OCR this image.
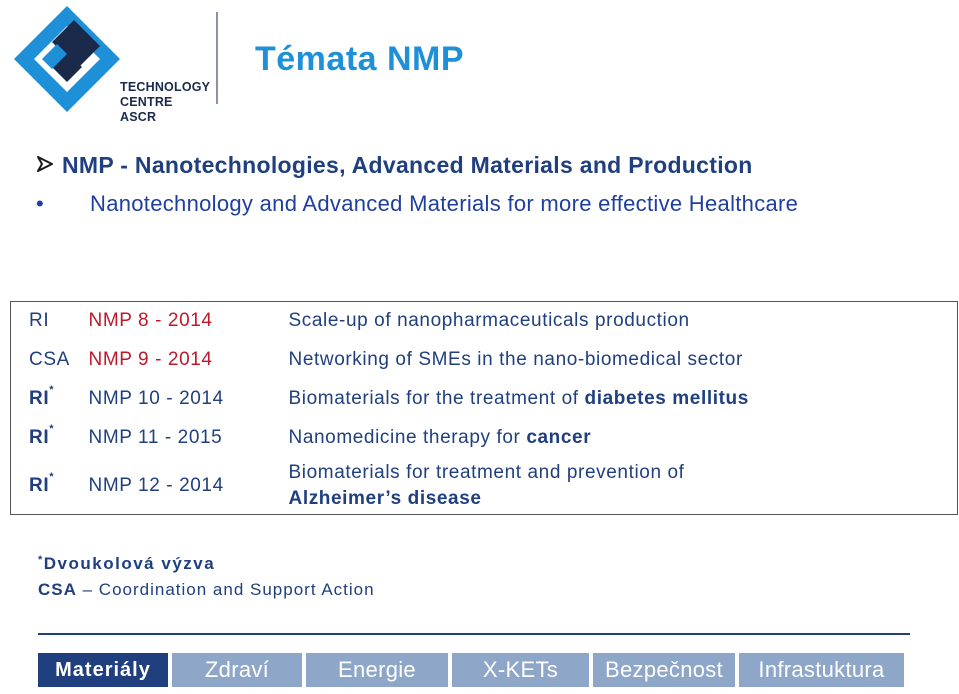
TECHNOLOGY
CENTRE ASCR
Témata NMP
NMP - Nanotechnologies, Advanced Materials and Production
•	Nanotechnology and Advanced Materials for more effective Healthcare
RI	NMP 8 - 2014	Scale-up of nanopharmaceuticals production
CSA	NMP 9 - 2014	Networking of SMEs in the nano-biomedical sector
RI*	NMP 10 - 2014	Biomaterials for the treatment of diabetes mellitus
RI*	NMP 11 - 2015	Nanomedicine therapy for cancer
RI*	NMP 12 - 2014	Biomaterials for treatment and prevention of
Alzheimer’s disease
*Dvoukolová výzva
CSA – Coordination and Support Action
Materiály	Zdraví	Energie	X-KETs	Bezpečnost	Infrastuktura
